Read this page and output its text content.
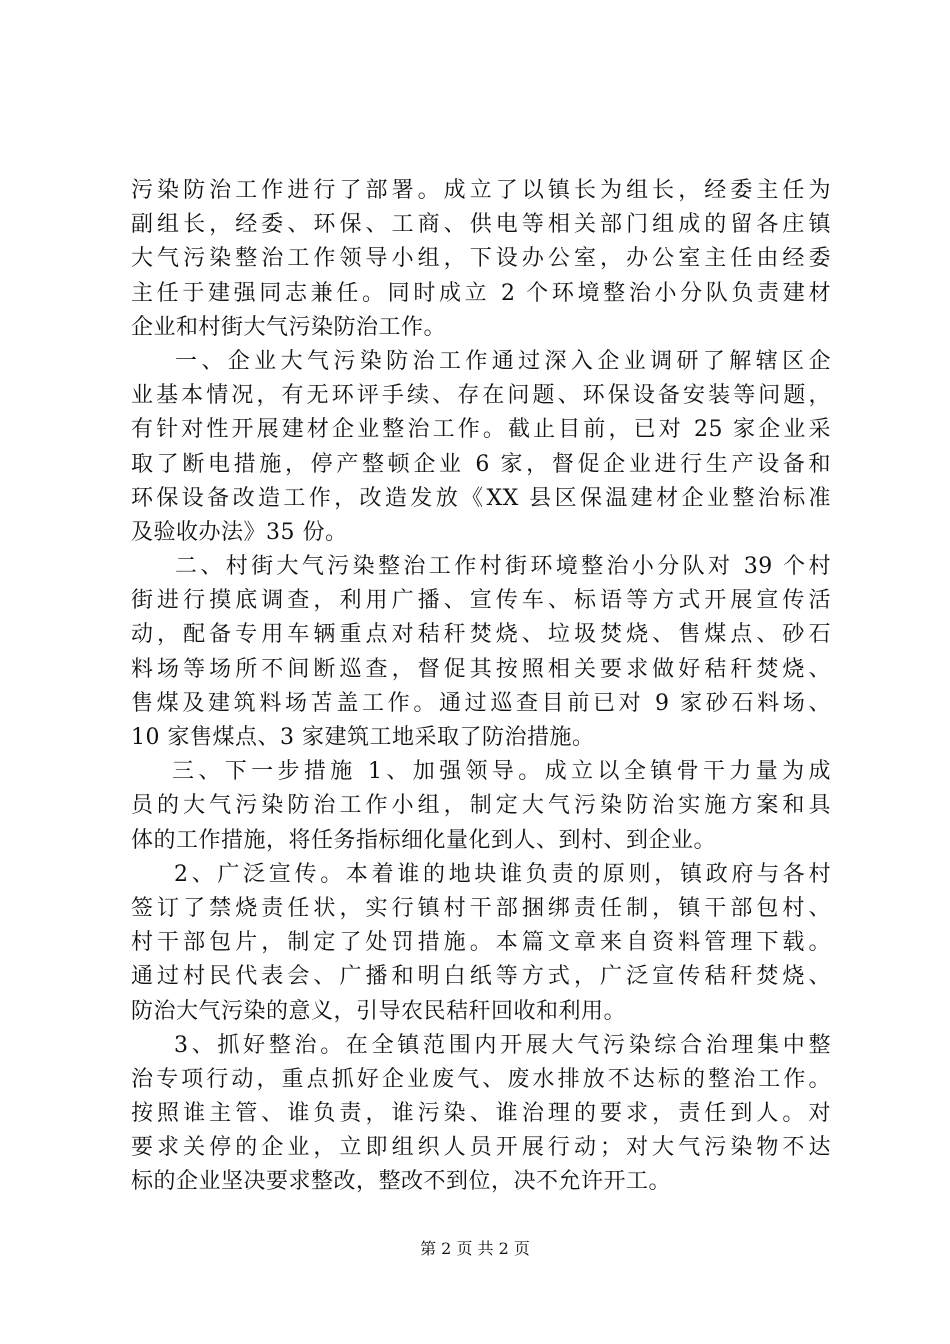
污染防治工作进行了部署。成立了以镇长为组长，经委主任为
副组长，经委、环保、工商、供电等相关部门组成的留各庄镇
大气污染整治工作领导小组，下设办公室，办公室主任由经委
主任于建强同志兼任。同时成立 2 个环境整治小分队负责建材
企业和村街大气污染防治工作。
一、企业大气污染防治工作通过深入企业调研了解辖区企
业基本情况，有无环评手续、存在问题、环保设备安装等问题，
有针对性开展建材企业整治工作。截止目前，已对 25 家企业采
取了断电措施，停产整顿企业 6 家，督促企业进行生产设备和
环保设备改造工作，改造发放《XX 县区保温建材企业整治标准
及验收办法》35 份。
二、村街大气污染整治工作村街环境整治小分队对 39 个村
街进行摸底调查，利用广播、宣传车、标语等方式开展宣传活
动，配备专用车辆重点对秸秆焚烧、垃圾焚烧、售煤点、砂石
料场等场所不间断巡查，督促其按照相关要求做好秸秆焚烧、
售煤及建筑料场苫盖工作。通过巡查目前已对 9 家砂石料场、
10 家售煤点、3 家建筑工地采取了防治措施。
三、下一步措施 1、加强领导。成立以全镇骨干力量为成
员的大气污染防治工作小组，制定大气污染防治实施方案和具
体的工作措施，将任务指标细化量化到人、到村、到企业。
2、广泛宣传。本着谁的地块谁负责的原则，镇政府与各村
签订了禁烧责任状，实行镇村干部捆绑责任制，镇干部包村、
村干部包片，制定了处罚措施。本篇文章来自资料管理下载。
通过村民代表会、广播和明白纸等方式，广泛宣传秸秆焚烧、
防治大气污染的意义，引导农民秸秆回收和利用。
3、抓好整治。在全镇范围内开展大气污染综合治理集中整
治专项行动，重点抓好企业废气、废水排放不达标的整治工作。
按照谁主管、谁负责，谁污染、谁治理的要求，责任到人。对
要求关停的企业，立即组织人员开展行动；对大气污染物不达
标的企业坚决要求整改，整改不到位，决不允许开工。
第 2 页 共 2 页
